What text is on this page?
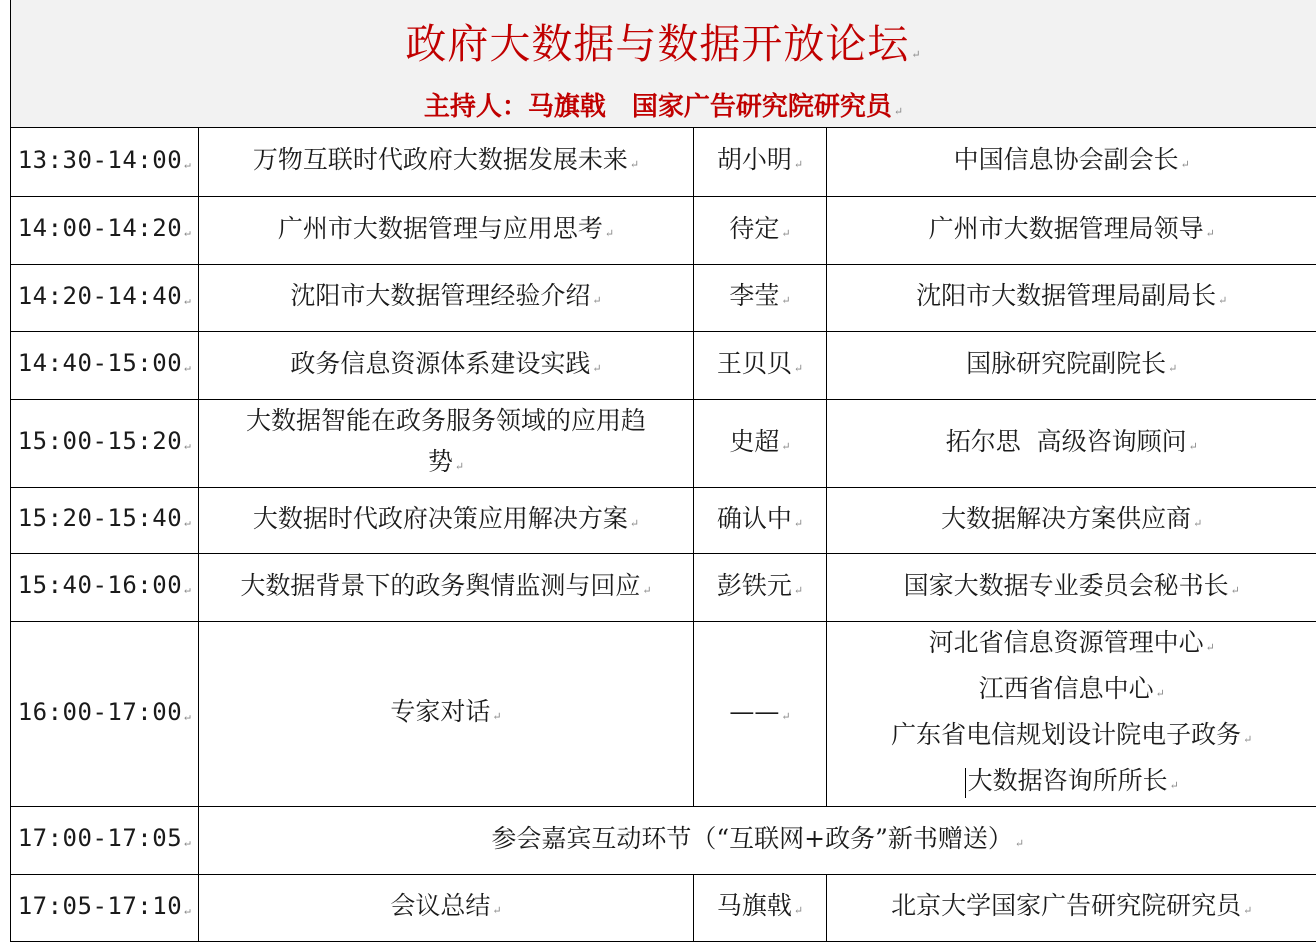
政府大数据与数据开放论坛 ↵
主持人：马旗戟　国家广告研究院研究员 ↵
13:30-14:00 ↵	万物互联时代政府大数据发展未来 ↵	胡小明 ↵	中国信息协会副会长 ↵
14:00-14:20 ↵	广州市大数据管理与应用思考 ↵	待定 ↵	广州市大数据管理局领导 ↵
14:20-14:40 ↵	沈阳市大数据管理经验介绍 ↵	李莹 ↵	沈阳市大数据管理局副局长 ↵
14:40-15:00 ↵	政务信息资源体系建设实践 ↵	王贝贝 ↵	国脉研究院副院长 ↵
15:00-15:20 ↵	大数据智能在政务服务领域的应用趋
势 ↵	史超 ↵	拓尔思  高级咨询顾问 ↵
15:20-15:40 ↵	大数据时代政府决策应用解决方案 ↵	确认中 ↵	大数据解决方案供应商 ↵
15:40-16:00 ↵	大数据背景下的政务舆情监测与回应 ↵	彭铁元 ↵	国家大数据专业委员会秘书长 ↵
16:00-17:00 ↵	专家对话 ↵	—— ↵	河北省信息资源管理中心 ↵
江西省信息中心 ↵
广东省电信规划设计院电子政务 ↵
大数据咨询所所长 ↵

17:00-17:05 ↵	参会嘉宾互动环节（“互联网+政务”新书赠送） ↵		
17:05-17:10 ↵	会议总结 ↵	马旗戟 ↵	北京大学国家广告研究院研究员 ↵
